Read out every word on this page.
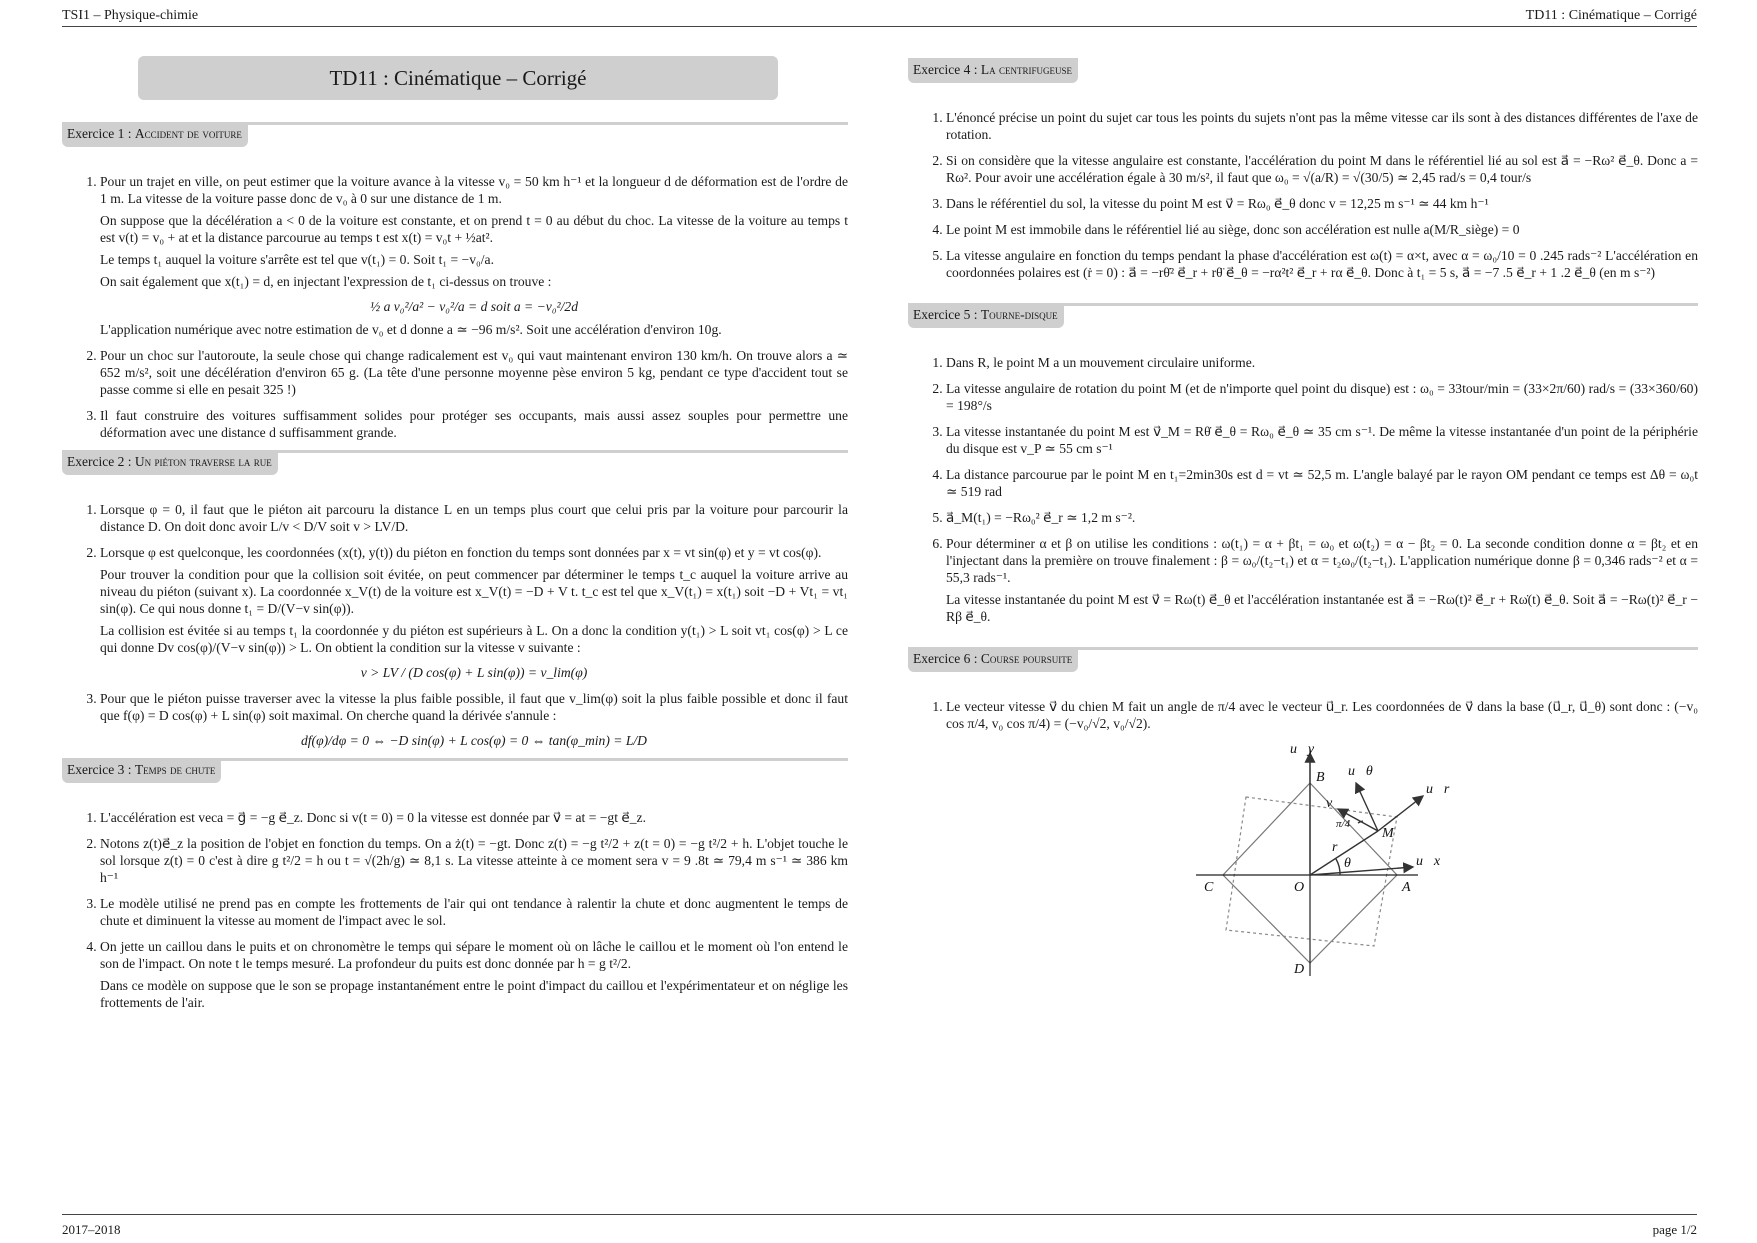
TSI1 – Physique-chimie	TD11 : Cinématique – Corrigé
TD11 : Cinématique – Corrigé
Exercice 1 : Accident de voiture
1. Pour un trajet en ville, on peut estimer que la voiture avance à la vitesse v₀ = 50 km h⁻¹ et la longueur d de déformation est de l'ordre de 1 m. La vitesse de la voiture passe donc de v₀ à 0 sur une distance de 1 m.

On suppose que la décélération a < 0 de la voiture est constante, et on prend t = 0 au début du choc. La vitesse de la voiture au temps t est v(t) = v₀ + at et la distance parcourue au temps t est x(t) = v₀t + ½at².

Le temps t₁ auquel la voiture s'arrête est tel que v(t₁) = 0. Soit t₁ = −v₀/a.

On sait également que x(t₁) = d, en injectant l'expression de t₁ ci-dessus on trouve :

½ a v₀²/a² − v₀²/a = d soit a = −v₀²/2d

L'application numérique avec notre estimation de v₀ et d donne a ≃ −96 m/s². Soit une accélération d'environ 10g.

2. Pour un choc sur l'autoroute, la seule chose qui change radicalement est v₀ qui vaut maintenant environ 130 km/h. On trouve alors a ≃ 652 m/s², soit une décélération d'environ 65 g. (La tête d'une personne moyenne pèse environ 5 kg, pendant ce type d'accident tout se passe comme si elle en pesait 325 !)
3. Il faut construire des voitures suffisamment solides pour protéger ses occupants, mais aussi assez souples pour permettre une déformation avec une distance d suffisamment grande.
Exercice 2 : Un piéton traverse la rue
1. Lorsque φ = 0, il faut que le piéton ait parcouru la distance L en un temps plus court que celui pris par la voiture pour parcourir la distance D. On doit donc avoir L/v < D/V soit v > LV/D.
2. Lorsque φ est quelconque, les coordonnées (x(t), y(t)) du piéton en fonction du temps sont données par x = vt sin(φ) et y = vt cos(φ).

Pour trouver la condition pour que la collision soit évitée, on peut commencer par déterminer le temps t_c auquel la voiture arrive au niveau du piéton (suivant x). La coordonnée x_V(t) de la voiture est x_V(t) = −D + V t. t_c est tel que x_V(t₁) = x(t₁) soit −D + Vt₁ = vt₁ sin(φ). Ce qui nous donne t₁ = D/(V−v sin(φ)).

La collision est évitée si au temps t₁ la coordonnée y du piéton est supérieurs à L. On a donc la condition y(t₁) > L soit vt₁ cos(φ) > L ce qui donne Dv cos(φ)/(V−v sin(φ)) > L. On obtient la condition sur la vitesse v suivante :

v > LV / (D cos(φ) + L sin(φ)) = v_lim(φ)
3. Pour que le piéton puisse traverser avec la vitesse la plus faible possible, il faut que v_lim(φ) soit la plus faible possible et donc il faut que f(φ) = D cos(φ) + L sin(φ) soit maximal. On cherche quand la dérivée s'annule :
df(φ)/dφ = 0 ⇔ −D sin(φ) + L cos(φ) = 0 ⇔ tan(φ_min) = L/D
Exercice 3 : Temps de chute
1. L'accélération est veca = g⃗ = −g e⃗_z. Donc si v(t = 0) = 0 la vitesse est donnée par v⃗ = at = −gt e⃗_z.
2. Notons z(t)e⃗_z la position de l'objet en fonction du temps. On a ż(t) = −gt. Donc z(t) = −g t²/2 + z(t = 0) = −g t²/2 + h. L'objet touche le sol lorsque z(t) = 0 c'est à dire g t²/2 = h ou t = √(2h/g) ≃ 8,1 s. La vitesse atteinte à ce moment sera v = 9 .8t ≃ 79,4 m s⁻¹ ≃ 386 km h⁻¹
3. Le modèle utilisé ne prend pas en compte les frottements de l'air qui ont tendance à ralentir la chute et donc augmentent le temps de chute et diminuent la vitesse au moment de l'impact avec le sol.
4. On jette un caillou dans le puits et on chronomètre le temps qui sépare le moment où on lâche le caillou et le moment où l'on entend le son de l'impact. On note t le temps mesuré. La profondeur du puits est donc donnée par h = g t²/2.

Dans ce modèle on suppose que le son se propage instantanément entre le point d'impact du caillou et l'expérimentateur et on néglige les frottements de l'air.

Exercice 4 : La centrifugeuse
1. L'énoncé précise un point du sujet car tous les points du sujets n'ont pas la même vitesse car ils sont à des distances différentes de l'axe de rotation.
2. Si on considère que la vitesse angulaire est constante, l'accélération du point M dans le référentiel lié au sol est a⃗ = −Rω² e⃗_θ. Donc a = Rω². Pour avoir une accélération égale à 30 m/s², il faut que ω₀ = √(a/R) = √(30/5) ≃ 2,45 rad/s = 0,4 tour/s
3. Dans le référentiel du sol, la vitesse du point M est v⃗ = Rω₀ e⃗_θ donc v = 12,25 m s⁻¹ ≃ 44 km h⁻¹
4. Le point M est immobile dans le référentiel lié au siège, donc son accélération est nulle a(M/R_siège) = 0
5. La vitesse angulaire en fonction du temps pendant la phase d'accélération est ω(t) = α×t, avec α = ω₀/10 = 0 .245 rads⁻² L'accélération en coordonnées polaires est (ṙ = 0) : a⃗ = −rθ̇² e⃗_r + rθ̈ e⃗_θ = −rα²t² e⃗_r + rα e⃗_θ. Donc à t₁ = 5 s, a⃗ = −7 .5 e⃗_r + 1 .2 e⃗_θ (en m s⁻²)
Exercice 5 : Tourne-disque
1. Dans R, le point M a un mouvement circulaire uniforme.
2. La vitesse angulaire de rotation du point M (et de n'importe quel point du disque) est : ω₀ = 33tour/min = (33×2π/60) rad/s = (33×360/60) = 198°/s
3. La vitesse instantanée du point M est v⃗_M = Rθ̇ e⃗_θ = Rω₀ e⃗_θ ≃ 35 cm s⁻¹. De même la vitesse instantanée d'un point de la périphérie du disque est v_P ≃ 55 cm s⁻¹
4. La distance parcourue par le point M en t₁=2min30s est d = vt ≃ 52,5 m. L'angle balayé par le rayon OM pendant ce temps est Δθ = ω₀t ≃ 519 rad
5. a⃗_M(t₁) = −Rω₀² e⃗_r ≃ 1,2 m s⁻².
6. Pour déterminer α et β on utilise les conditions : ω(t₁) = α + βt₁ = ω₀ et ω(t₂) = α − βt₂ = 0. La seconde condition donne α = βt₂ et en l'injectant dans la première on trouve finalement : β = ω₀/(t₂−t₁) et α = t₂ω₀/(t₂−t₁). L'application numérique donne β = 0,346 rads⁻² et α = 55,3 rads⁻¹.

La vitesse instantanée du point M est v⃗ = Rω(t) e⃗_θ et l'accélération instantanée est a⃗ = −Rω(t)² e⃗_r + Rω̇(t) e⃗_θ. Soit a⃗ = −Rω(t)² e⃗_r − Rβ e⃗_θ.

Exercice 6 : Course poursuite
1. Le vecteur vitesse v⃗ du chien M fait un angle de π/4 avec le vecteur u⃗_r. Les coordonnées de v⃗ dans la base (u⃗_r, u⃗_θ) sont donc : (−v₀ cos π/4, v₀ cos π/4) = (−v₀/√2, v₀/√2).
u⃗y
u⃗θ
u⃗r
v⃗
π/4
M
r
θ	u⃗x
B
C	O	A
D
2017–2018	page 1/2
